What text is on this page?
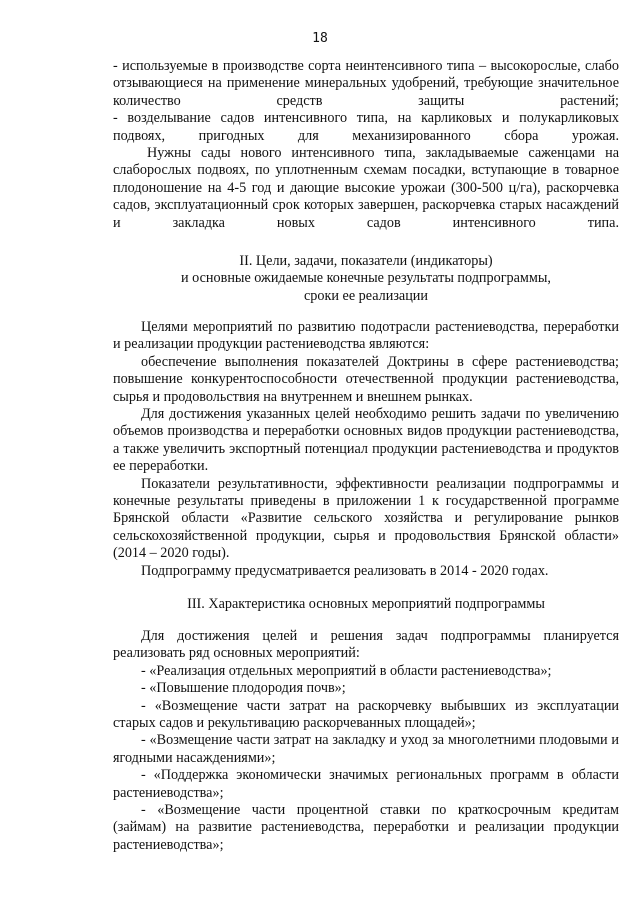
18

- используемые в производстве сорта неинтенсивного типа – высокорослые, слабо отзывающиеся на применение минеральных удобрений, требующие значительное количество средств защиты растений;

- возделывание садов интенсивного типа, на карликовых и полукарликовых подвоях, пригодных для механизированного сбора урожая.

Нужны сады нового интенсивного типа, закладываемые саженцами на слаборослых подвоях, по уплотненным схемам посадки, вступающие в товарное плодоношение на 4-5 год и дающие высокие урожаи (300-500 ц/га), раскорчевка садов, эксплуатационный срок которых завершен, раскорчевка старых насаждений и закладка новых садов интенсивного типа.

II. Цели, задачи, показатели (индикаторы)

и основные ожидаемые конечные результаты подпрограммы,

сроки ее реализации

Целями мероприятий по развитию подотрасли растениеводства, переработки и реализации продукции растениеводства являются:

обеспечение выполнения показателей Доктрины в сфере растениеводства; повышение конкурентоспособности отечественной продукции растениеводства, сырья и продовольствия на внутреннем и внешнем рынках.

Для достижения указанных целей необходимо решить задачи по увеличению объемов производства и переработки основных видов продукции растениеводства, а также увеличить экспортный потенциал продукции растениеводства и продуктов ее переработки.

Показатели результативности, эффективности реализации подпрограммы и конечные результаты приведены в приложении 1 к государственной программе Брянской области «Развитие сельского хозяйства и регулирование рынков сельскохозяйственной продукции, сырья и продовольствия Брянской области» (2014 – 2020 годы).

Подпрограмму предусматривается реализовать в 2014 - 2020 годах.

III. Характеристика основных мероприятий подпрограммы

Для достижения целей и решения задач подпрограммы планируется реализовать ряд основных мероприятий:

- «Реализация отдельных мероприятий в области растениеводства»;

- «Повышение плодородия почв»;

- «Возмещение части затрат на раскорчевку выбывших из эксплуатации старых садов и рекультивацию раскорчеванных площадей»;

- «Возмещение части затрат на закладку и уход за многолетними плодовыми и ягодными насаждениями»;

- «Поддержка экономически значимых региональных программ в области растениеводства»;

- «Возмещение части процентной ставки по краткосрочным кредитам (займам) на развитие растениеводства, переработки и реализации продукции растениеводства»;
